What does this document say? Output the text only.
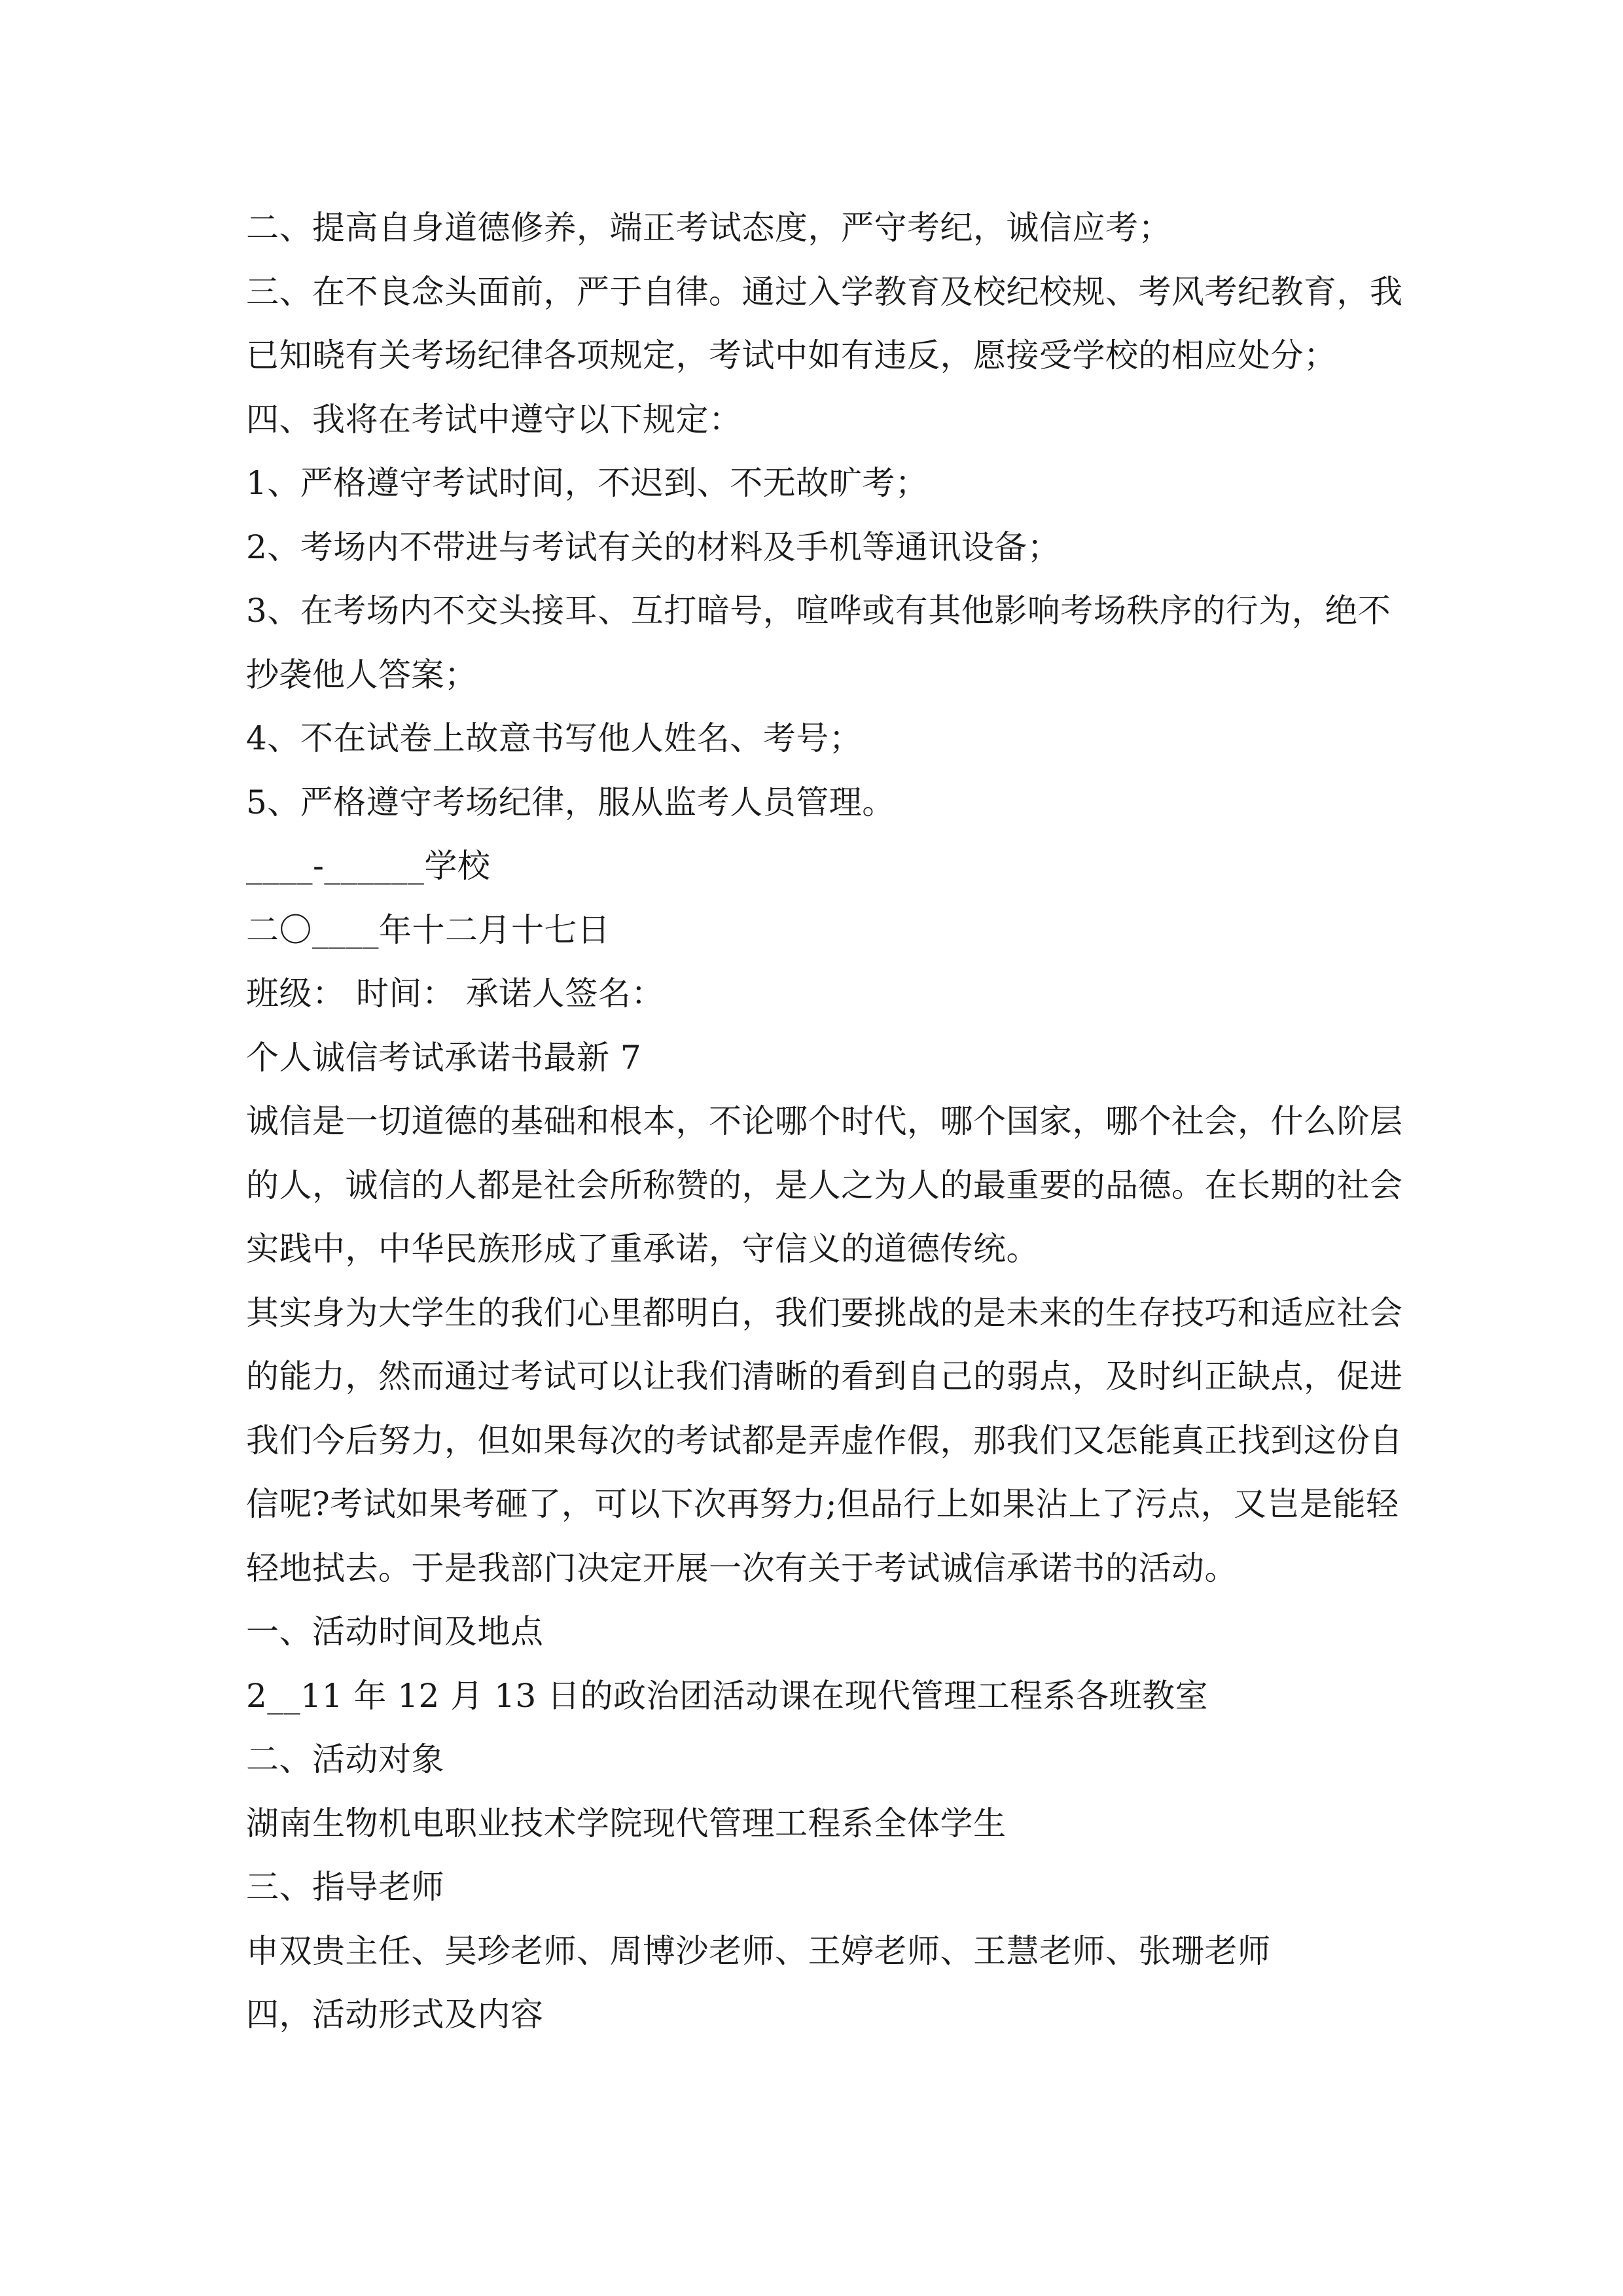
二、提高自身道德修养，端正考试态度，严守考纪，诚信应考；
三、在不良念头面前，严于自律。通过入学教育及校纪校规、考风考纪教育，我
已知晓有关考场纪律各项规定，考试中如有违反，愿接受学校的相应处分；
四、我将在考试中遵守以下规定：
1、严格遵守考试时间，不迟到、不无故旷考；
2、考场内不带进与考试有关的材料及手机等通讯设备；
3、在考场内不交头接耳、互打暗号，喧哗或有其他影响考场秩序的行为，绝不
抄袭他人答案；
4、不在试卷上故意书写他人姓名、考号；
5、严格遵守考场纪律，服从监考人员管理。
____-______学校
二〇____年十二月十七日
班级： 时间： 承诺人签名：
个人诚信考试承诺书最新 7
诚信是一切道德的基础和根本，不论哪个时代，哪个国家，哪个社会，什么阶层
的人，诚信的人都是社会所称赞的，是人之为人的最重要的品德。在长期的社会
实践中，中华民族形成了重承诺，守信义的道德传统。
其实身为大学生的我们心里都明白，我们要挑战的是未来的生存技巧和适应社会
的能力，然而通过考试可以让我们清晰的看到自己的弱点，及时纠正缺点，促进
我们今后努力，但如果每次的考试都是弄虚作假，那我们又怎能真正找到这份自
信呢?考试如果考砸了，可以下次再努力;但品行上如果沾上了污点，又岂是能轻
轻地拭去。于是我部门决定开展一次有关于考试诚信承诺书的活动。
一、活动时间及地点
2__11 年 12 月 13 日的政治团活动课在现代管理工程系各班教室
二、活动对象
湖南生物机电职业技术学院现代管理工程系全体学生
三、指导老师
申双贵主任、吴珍老师、周博沙老师、王婷老师、王慧老师、张珊老师
四，活动形式及内容
